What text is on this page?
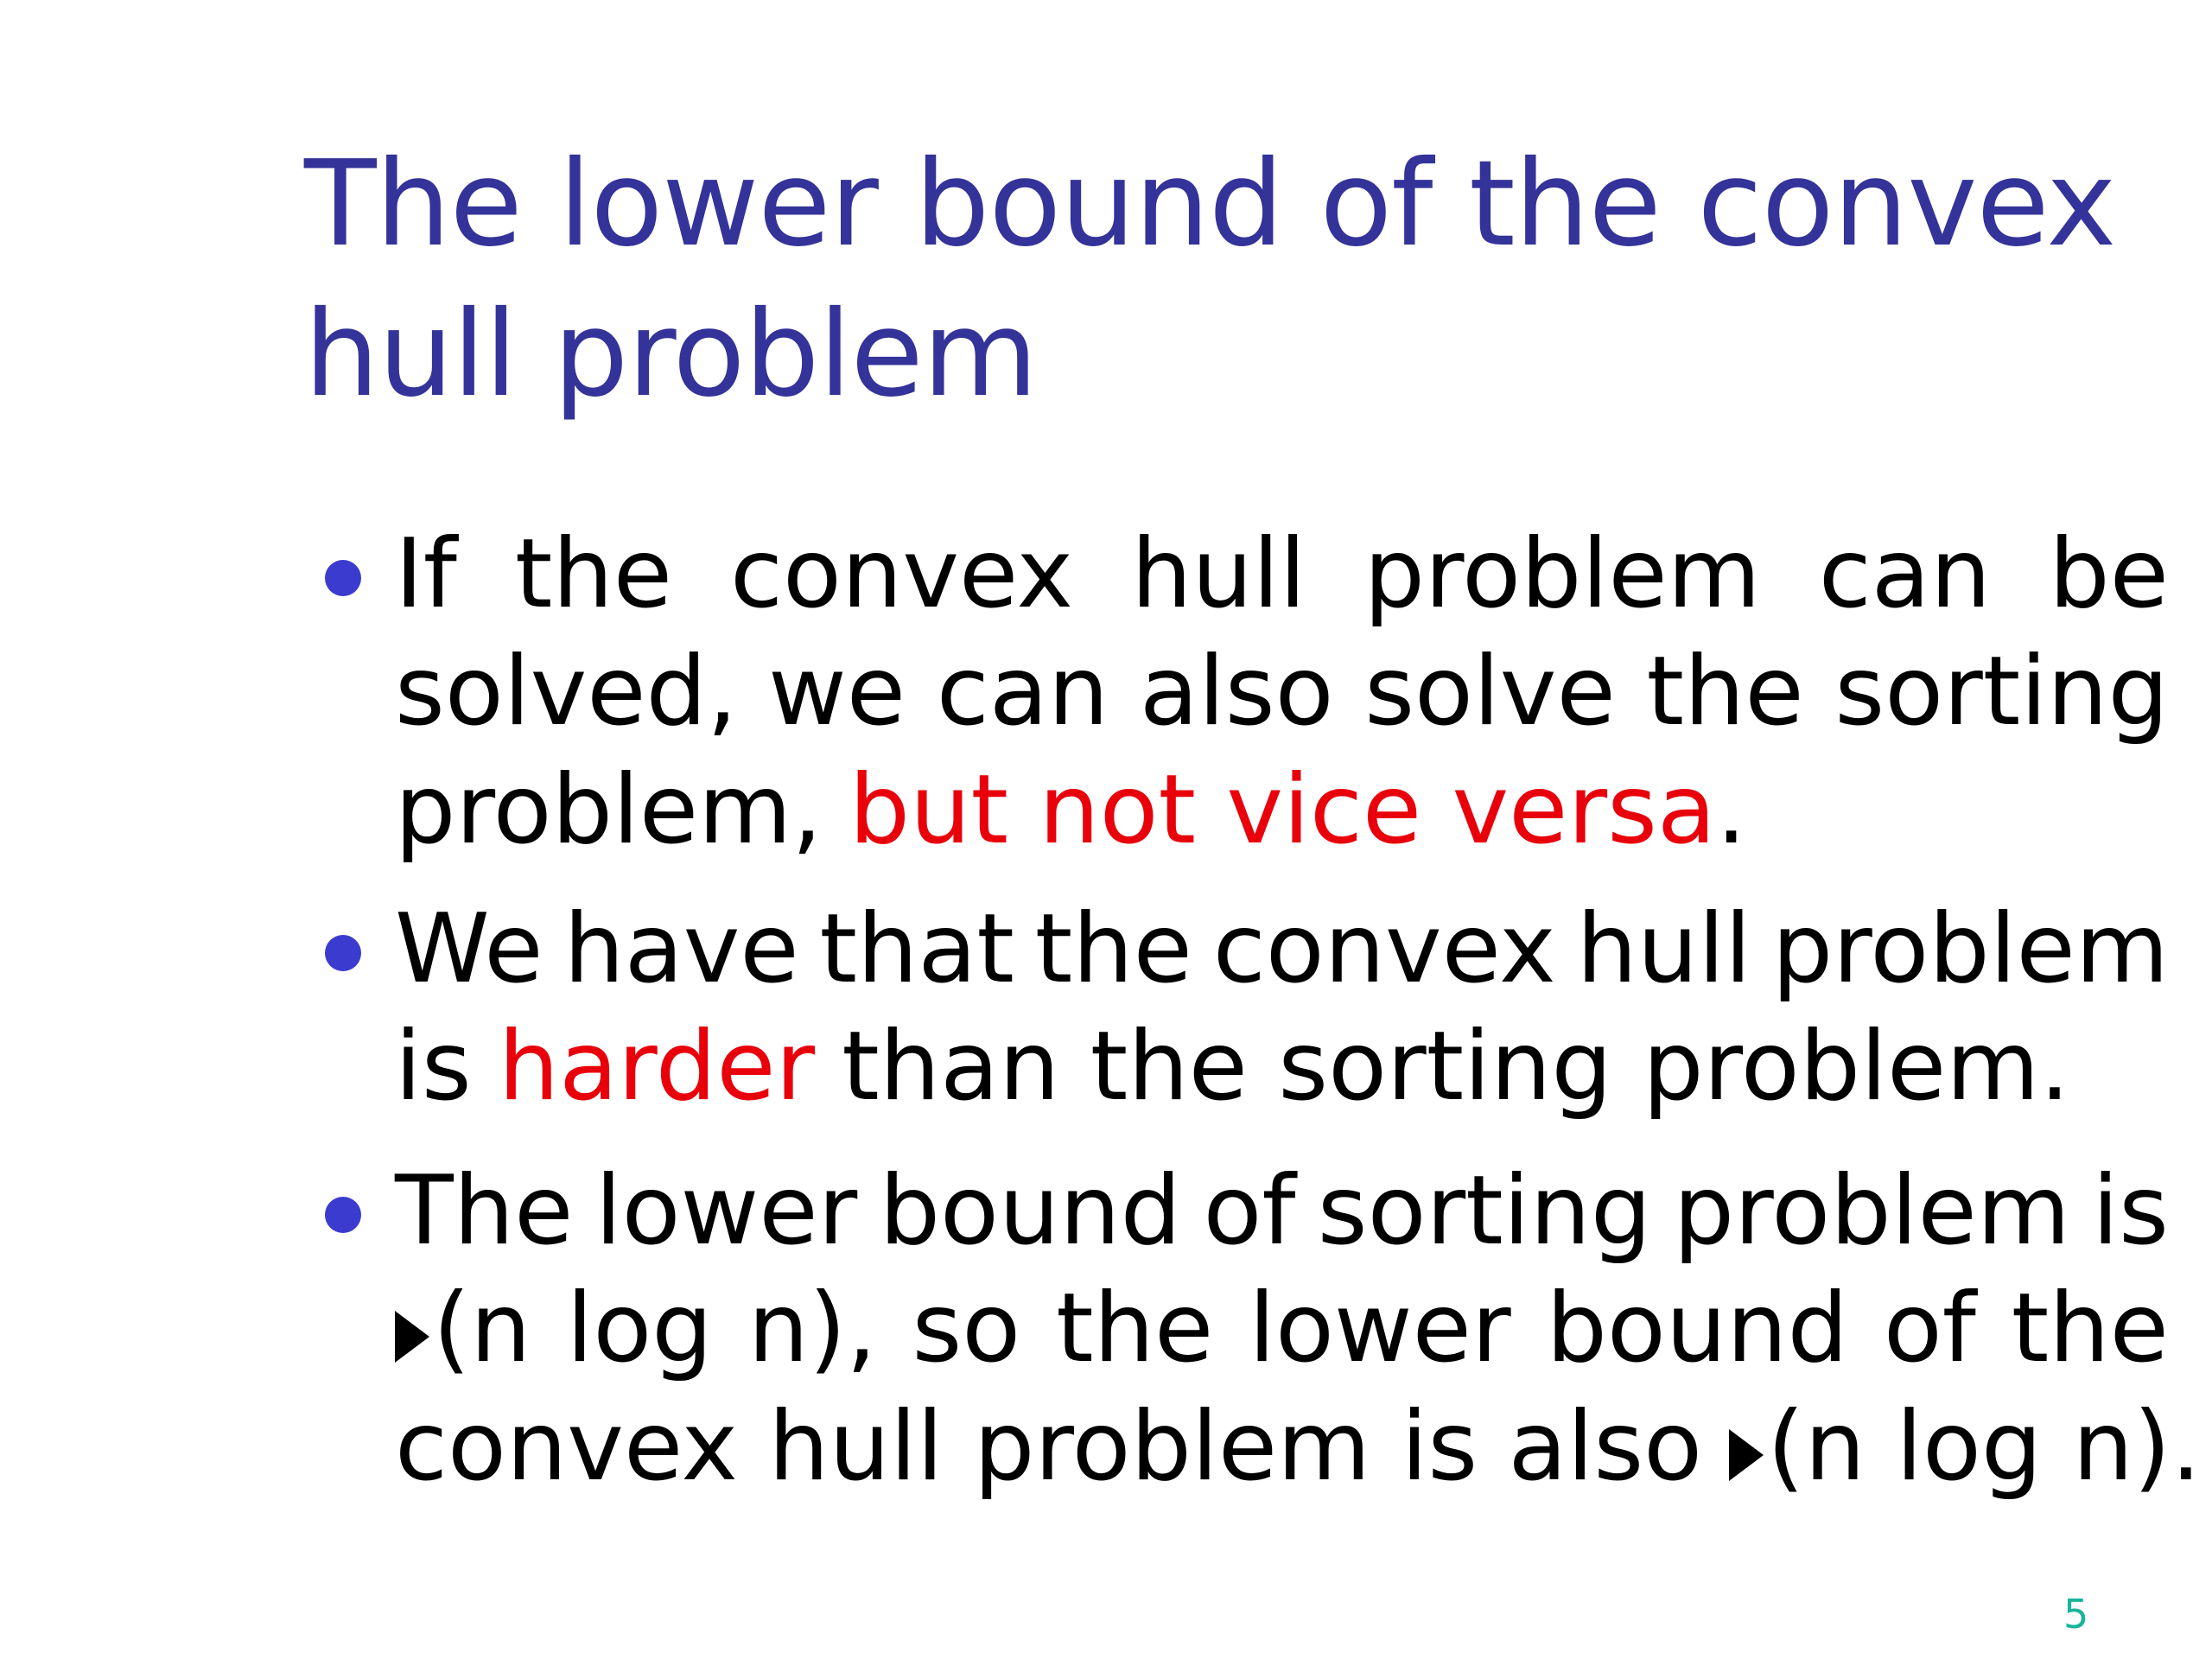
The lower bound of the convex
hull problem
If the convex hull problem can be
solved, we can also solve the sorting
problem, but not vice versa .
We have that the convex hull problem
is harder than the sorting problem.
The lower bound of sorting problem is
(n log n), so the lower bound of the
convex hull problem is also (n log n).
5
